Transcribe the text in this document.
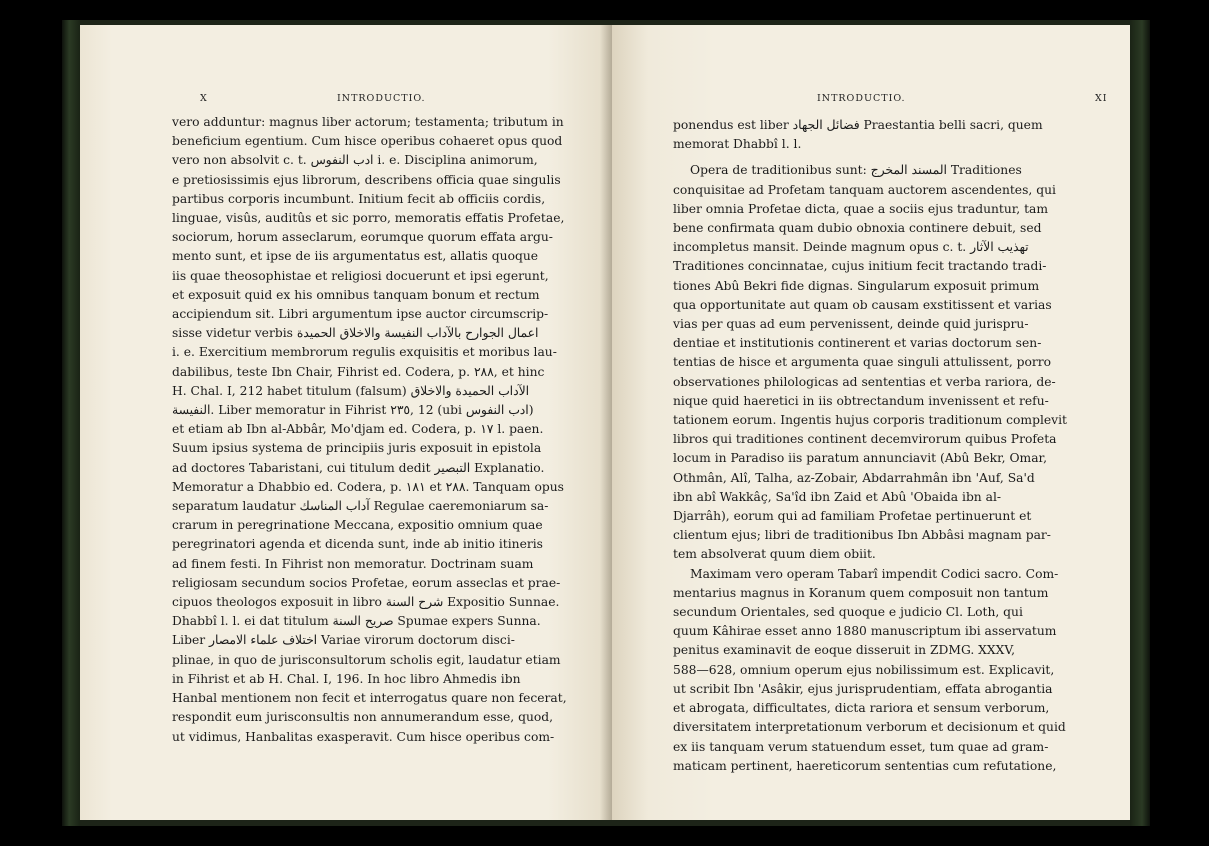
X	INTRODUCTIO.

vero adduntur: magnus liber actorum; testamenta; tributum in

beneficium egentium. Cum hisce operibus cohaeret opus quod

vero non absolvit c. t. ادب النفوس i. e. Disciplina animorum,

e pretiosissimis ejus librorum, describens officia quae singulis

partibus corporis incumbunt. Initium fecit ab officiis cordis,

linguae, visûs, auditûs et sic porro, memoratis effatis Profetae,

sociorum, horum asseclarum, eorumque quorum effata argu-

mento sunt, et ipse de iis argumentatus est, allatis quoque

iis quae theosophistae et religiosi docuerunt et ipsi egerunt,

et exposuit quid ex his omnibus tanquam bonum et rectum

accipiendum sit. Libri argumentum ipse auctor circumscrip-

sisse videtur verbis اعمال الجوارح بالآداب النفيسة والاخلاق الحميدة

i. e. Exercitium membrorum regulis exquisitis et moribus lau-

dabilibus, teste Ibn Chair, Fihrist ed. Codera, p. ٢٨٨, et hinc

H. Chal. I, 212 habet titulum (falsum) الآداب الحميدة والاخلاق

النفيسة. Liber memoratur in Fihrist ٢٣٥, 12 (ubi ادب النفوس)

et etiam ab Ibn al-Abbâr, Mo'djam ed. Codera, p. ١٧ l. paen.

Suum ipsius systema de principiis juris exposuit in epistola

ad doctores Tabaristani, cui titulum dedit التبصير Explanatio.

Memoratur a Dhabbio ed. Codera, p. ١٨١ et ٢٨٨. Tanquam opus

separatum laudatur آداب المناسك Regulae caeremoniarum sa-

crarum in peregrinatione Meccana, expositio omnium quae

peregrinatori agenda et dicenda sunt, inde ab initio itineris

ad finem festi. In Fihrist non memoratur. Doctrinam suam

religiosam secundum socios Profetae, eorum asseclas et prae-

cipuos theologos exposuit in libro شرح السنة Expositio Sunnae.

Dhabbî l. l. ei dat titulum صريح السنة Spumae expers Sunna.

Liber اختلاف علماء الامصار Variae virorum doctorum disci-

plinae, in quo de jurisconsultorum scholis egit, laudatur etiam

in Fihrist et ab H. Chal. I, 196. In hoc libro Ahmedis ibn

Hanbal mentionem non fecit et interrogatus quare non fecerat,

respondit eum jurisconsultis non annumerandum esse, quod,

ut vidimus, Hanbalitas exasperavit. Cum hisce operibus com-

INTRODUCTIO.	XI

ponendus est liber فضائل الجهاد Praestantia belli sacri, quem

memorat Dhabbî l. l.

Opera de traditionibus sunt: المسند المخرج Traditiones

conquisitae ad Profetam tanquam auctorem ascendentes, qui

liber omnia Profetae dicta, quae a sociis ejus traduntur, tam

bene confirmata quam dubio obnoxia continere debuit, sed

incompletus mansit. Deinde magnum opus c. t. تهذيب الآثار

Traditiones concinnatae, cujus initium fecit tractando tradi-

tiones Abû Bekri fide dignas. Singularum exposuit primum

qua opportunitate aut quam ob causam exstitissent et varias

vias per quas ad eum pervenissent, deinde quid jurispru-

dentiae et institutionis continerent et varias doctorum sen-

tentias de hisce et argumenta quae singuli attulissent, porro

observationes philologicas ad sententias et verba rariora, de-

nique quid haeretici in iis obtrectandum invenissent et refu-

tationem eorum. Ingentis hujus corporis traditionum complevit

libros qui traditiones continent decemvirorum quibus Profeta

locum in Paradiso iis paratum annunciavit (Abû Bekr, Omar,

Othmân, Alî, Talha, az-Zobair, Abdarrahmân ibn 'Auf, Sa'd

ibn abî Wakkâç, Sa'îd ibn Zaid et Abû 'Obaida ibn al-

Djarrâh), eorum qui ad familiam Profetae pertinuerunt et

clientum ejus; libri de traditionibus Ibn Abbâsi magnam par-

tem absolverat quum diem obiit.

Maximam vero operam Tabarî impendit Codici sacro. Com-

mentarius magnus in Koranum quem composuit non tantum

secundum Orientales, sed quoque e judicio Cl. Loth, qui

quum Kâhirae esset anno 1880 manuscriptum ibi asservatum

penitus examinavit de eoque disseruit in ZDMG. XXXV,

588—628, omnium operum ejus nobilissimum est. Explicavit,

ut scribit Ibn 'Asâkir, ejus jurisprudentiam, effata abrogantia

et abrogata, difficultates, dicta rariora et sensum verborum,

diversitatem interpretationum verborum et decisionum et quid

ex iis tanquam verum statuendum esset, tum quae ad gram-

maticam pertinent, haereticorum sententias cum refutatione,
